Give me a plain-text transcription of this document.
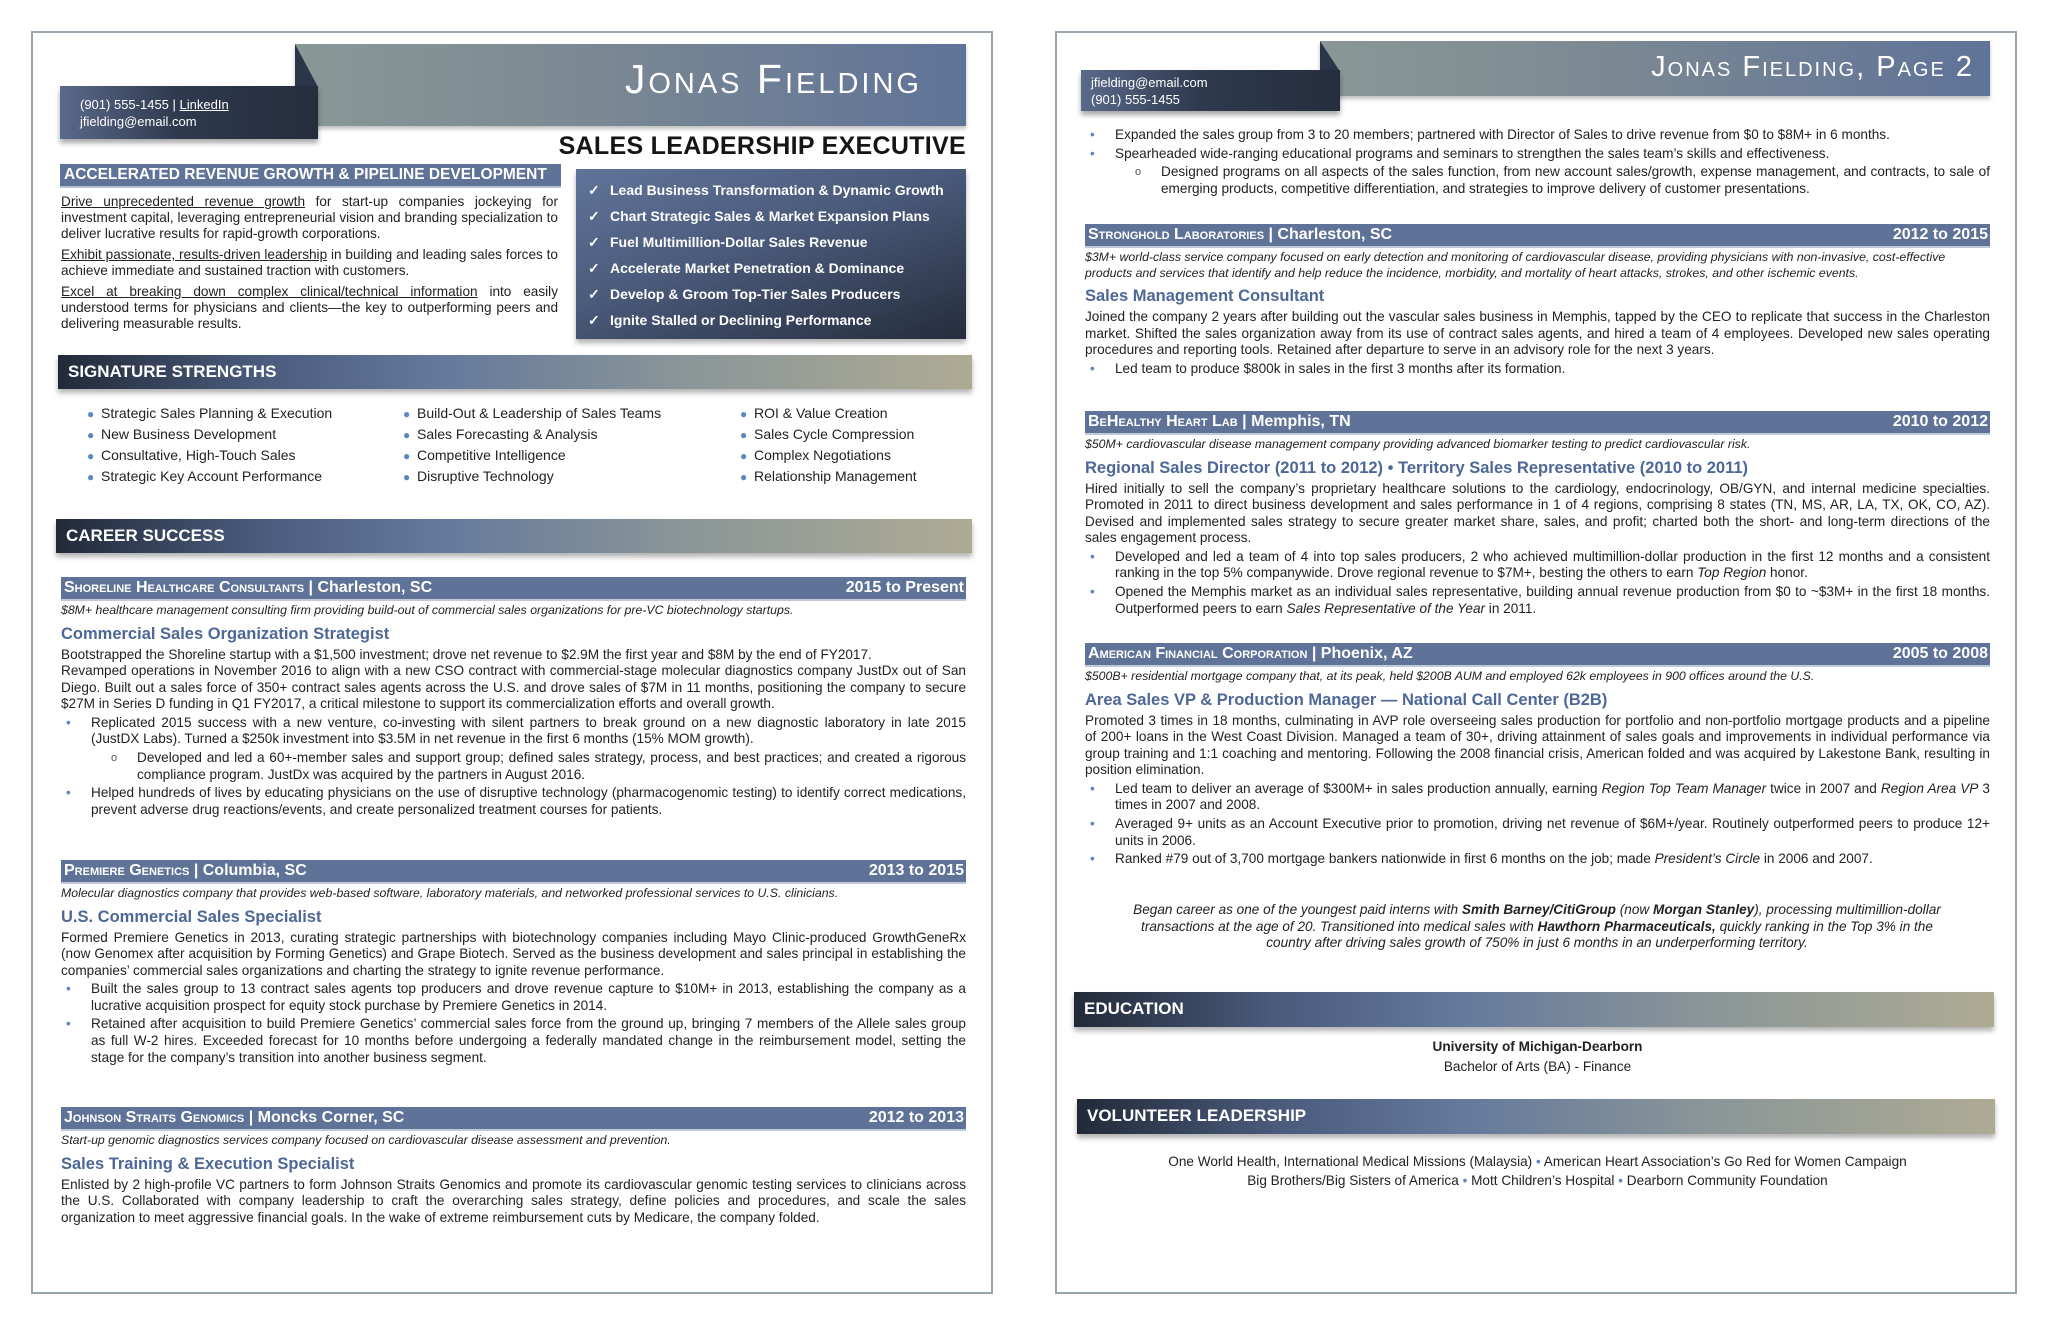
Jonas Fielding
(901) 555-1455 | LinkedIn
jfielding@email.com
SALES LEADERSHIP EXECUTIVE
ACCELERATED REVENUE GROWTH & PIPELINE DEVELOPMENT

Drive unprecedented revenue growth for start-up companies jockeying for investment capital, leveraging entrepreneurial vision and branding specialization to deliver lucrative results for rapid-growth corporations.

Exhibit passionate, results-driven leadership in building and leading sales forces to achieve immediate and sustained traction with customers.

Excel at breaking down complex clinical/technical information into easily understood terms for physicians and clients—the key to outperforming peers and delivering measurable results.

✓ Lead Business Transformation & Dynamic Growth
✓ Chart Strategic Sales & Market Expansion Plans
✓ Fuel Multimillion-Dollar Sales Revenue
✓ Accelerate Market Penetration & Dominance
✓ Develop & Groom Top-Tier Sales Producers
✓ Ignite Stalled or Declining Performance
SIGNATURE STRENGTHS
● Strategic Sales Planning & Execution
● New Business Development
● Consultative, High-Touch Sales
● Strategic Key Account Performance
● Build-Out & Leadership of Sales Teams
● Sales Forecasting & Analysis
● Competitive Intelligence
● Disruptive Technology
● ROI & Value Creation
● Sales Cycle Compression
● Complex Negotiations
● Relationship Management
CAREER SUCCESS
Shoreline Healthcare Consultants | Charleston, SC	2015 to Present
$8M+ healthcare management consulting firm providing build-out of commercial sales organizations for pre-VC biotechnology startups.
Commercial Sales Organization Strategist

Bootstrapped the Shoreline startup with a $1,500 investment; drove net revenue to $2.9M the first year and $8M by the end of FY2017.

Revamped operations in November 2016 to align with a new CSO contract with commercial-stage molecular diagnostics company JustDx out of San Diego. Built out a sales force of 350+ contract sales agents across the U.S. and drove sales of $7M in 11 months, positioning the company to secure $27M in Series D funding in Q1 FY2017, a critical milestone to support its commercialization efforts and overall growth.

• Replicated 2015 success with a new venture, co-investing with silent partners to break ground on a new diagnostic laboratory in late 2015 (JustDX Labs). Turned a $250k investment into $3.5M in net revenue in the first 6 months (15% MOM growth).
o Developed and led a 60+-member sales and support group; defined sales strategy, process, and best practices; and created a rigorous compliance program. JustDx was acquired by the partners in August 2016.
• Helped hundreds of lives by educating physicians on the use of disruptive technology (pharmacogenomic testing) to identify correct medications, prevent adverse drug reactions/events, and create personalized treatment courses for patients.
Premiere Genetics | Columbia, SC	2013 to 2015
Molecular diagnostics company that provides web-based software, laboratory materials, and networked professional services to U.S. clinicians.
U.S. Commercial Sales Specialist

Formed Premiere Genetics in 2013, curating strategic partnerships with biotechnology companies including Mayo Clinic-produced GrowthGeneRx (now Genomex after acquisition by Forming Genetics) and Grape Biotech. Served as the business development and sales principal in establishing the companies’ commercial sales organizations and charting the strategy to ignite revenue performance.

• Built the sales group to 13 contract sales agents top producers and drove revenue capture to $10M+ in 2013, establishing the company as a lucrative acquisition prospect for equity stock purchase by Premiere Genetics in 2014.
• Retained after acquisition to build Premiere Genetics’ commercial sales force from the ground up, bringing 7 members of the Allele sales group as full W-2 hires. Exceeded forecast for 10 months before undergoing a federally mandated change in the reimbursement model, setting the stage for the company’s transition into another business segment.
Johnson Straits Genomics | Moncks Corner, SC	2012 to 2013
Start-up genomic diagnostics services company focused on cardiovascular disease assessment and prevention.
Sales Training & Execution Specialist

Enlisted by 2 high-profile VC partners to form Johnson Straits Genomics and promote its cardiovascular genomic testing services to clinicians across the U.S. Collaborated with company leadership to craft the overarching sales strategy, define policies and procedures, and scale the sales organization to meet aggressive financial goals. In the wake of extreme reimbursement cuts by Medicare, the company folded.

Jonas Fielding, Page 2
jfielding@email.com
(901) 555-1455
• Expanded the sales group from 3 to 20 members; partnered with Director of Sales to drive revenue from $0 to $8M+ in 6 months.
• Spearheaded wide-ranging educational programs and seminars to strengthen the sales team’s skills and effectiveness.
o Designed programs on all aspects of the sales function, from new account sales/growth, expense management, and contracts, to sale of emerging products, competitive differentiation, and strategies to improve delivery of customer presentations.
Stronghold Laboratories | Charleston, SC	2012 to 2015
$3M+ world-class service company focused on early detection and monitoring of cardiovascular disease, providing physicians with non-invasive, cost-effective products and services that identify and help reduce the incidence, morbidity, and mortality of heart attacks, strokes, and other ischemic events.
Sales Management Consultant

Joined the company 2 years after building out the vascular sales business in Memphis, tapped by the CEO to replicate that success in the Charleston market. Shifted the sales organization away from its use of contract sales agents, and hired a team of 4 employees. Developed new sales operating procedures and reporting tools. Retained after departure to serve in an advisory role for the next 3 years.

• Led team to produce $800k in sales in the first 3 months after its formation.
BeHealthy Heart Lab | Memphis, TN	2010 to 2012
$50M+ cardiovascular disease management company providing advanced biomarker testing to predict cardiovascular risk.
Regional Sales Director (2011 to 2012) • Territory Sales Representative (2010 to 2011)

Hired initially to sell the company’s proprietary healthcare solutions to the cardiology, endocrinology, OB/GYN, and internal medicine specialties. Promoted in 2011 to direct business development and sales performance in 1 of 4 regions, comprising 8 states (TN, MS, AR, LA, TX, OK, CO, AZ). Devised and implemented sales strategy to secure greater market share, sales, and profit; charted both the short- and long-term directions of the sales engagement process.

• Developed and led a team of 4 into top sales producers, 2 who achieved multimillion-dollar production in the first 12 months and a consistent ranking in the top 5% companywide. Drove regional revenue to $7M+, besting the others to earn Top Region honor.
• Opened the Memphis market as an individual sales representative, building annual revenue production from $0 to ~$3M+ in the first 18 months. Outperformed peers to earn Sales Representative of the Year in 2011.
American Financial Corporation | Phoenix, AZ	2005 to 2008
$500B+ residential mortgage company that, at its peak, held $200B AUM and employed 62k employees in 900 offices around the U.S.
Area Sales VP & Production Manager — National Call Center (B2B)

Promoted 3 times in 18 months, culminating in AVP role overseeing sales production for portfolio and non-portfolio mortgage products and a pipeline of 200+ loans in the West Coast Division. Managed a team of 30+, driving attainment of sales goals and improvements in individual performance via group training and 1:1 coaching and mentoring. Following the 2008 financial crisis, American folded and was acquired by Lakestone Bank, resulting in position elimination.

• Led team to deliver an average of $300M+ in sales production annually, earning Region Top Team Manager twice in 2007 and Region Area VP 3 times in 2007 and 2008.
• Averaged 9+ units as an Account Executive prior to promotion, driving net revenue of $6M+/year. Routinely outperformed peers to produce 12+ units in 2006.
• Ranked #79 out of 3,700 mortgage bankers nationwide in first 6 months on the job; made President’s Circle in 2006 and 2007.
Began career as one of the youngest paid interns with Smith Barney/CitiGroup (now Morgan Stanley), processing multimillion-dollar transactions at the age of 20. Transitioned into medical sales with Hawthorn Pharmaceuticals, quickly ranking in the Top 3% in the country after driving sales growth of 750% in just 6 months in an underperforming territory.
EDUCATION
University of Michigan-Dearborn
Bachelor of Arts (BA) - Finance
VOLUNTEER LEADERSHIP
One World Health, International Medical Missions (Malaysia) • American Heart Association’s Go Red for Women Campaign
Big Brothers/Big Sisters of America • Mott Children’s Hospital • Dearborn Community Foundation
